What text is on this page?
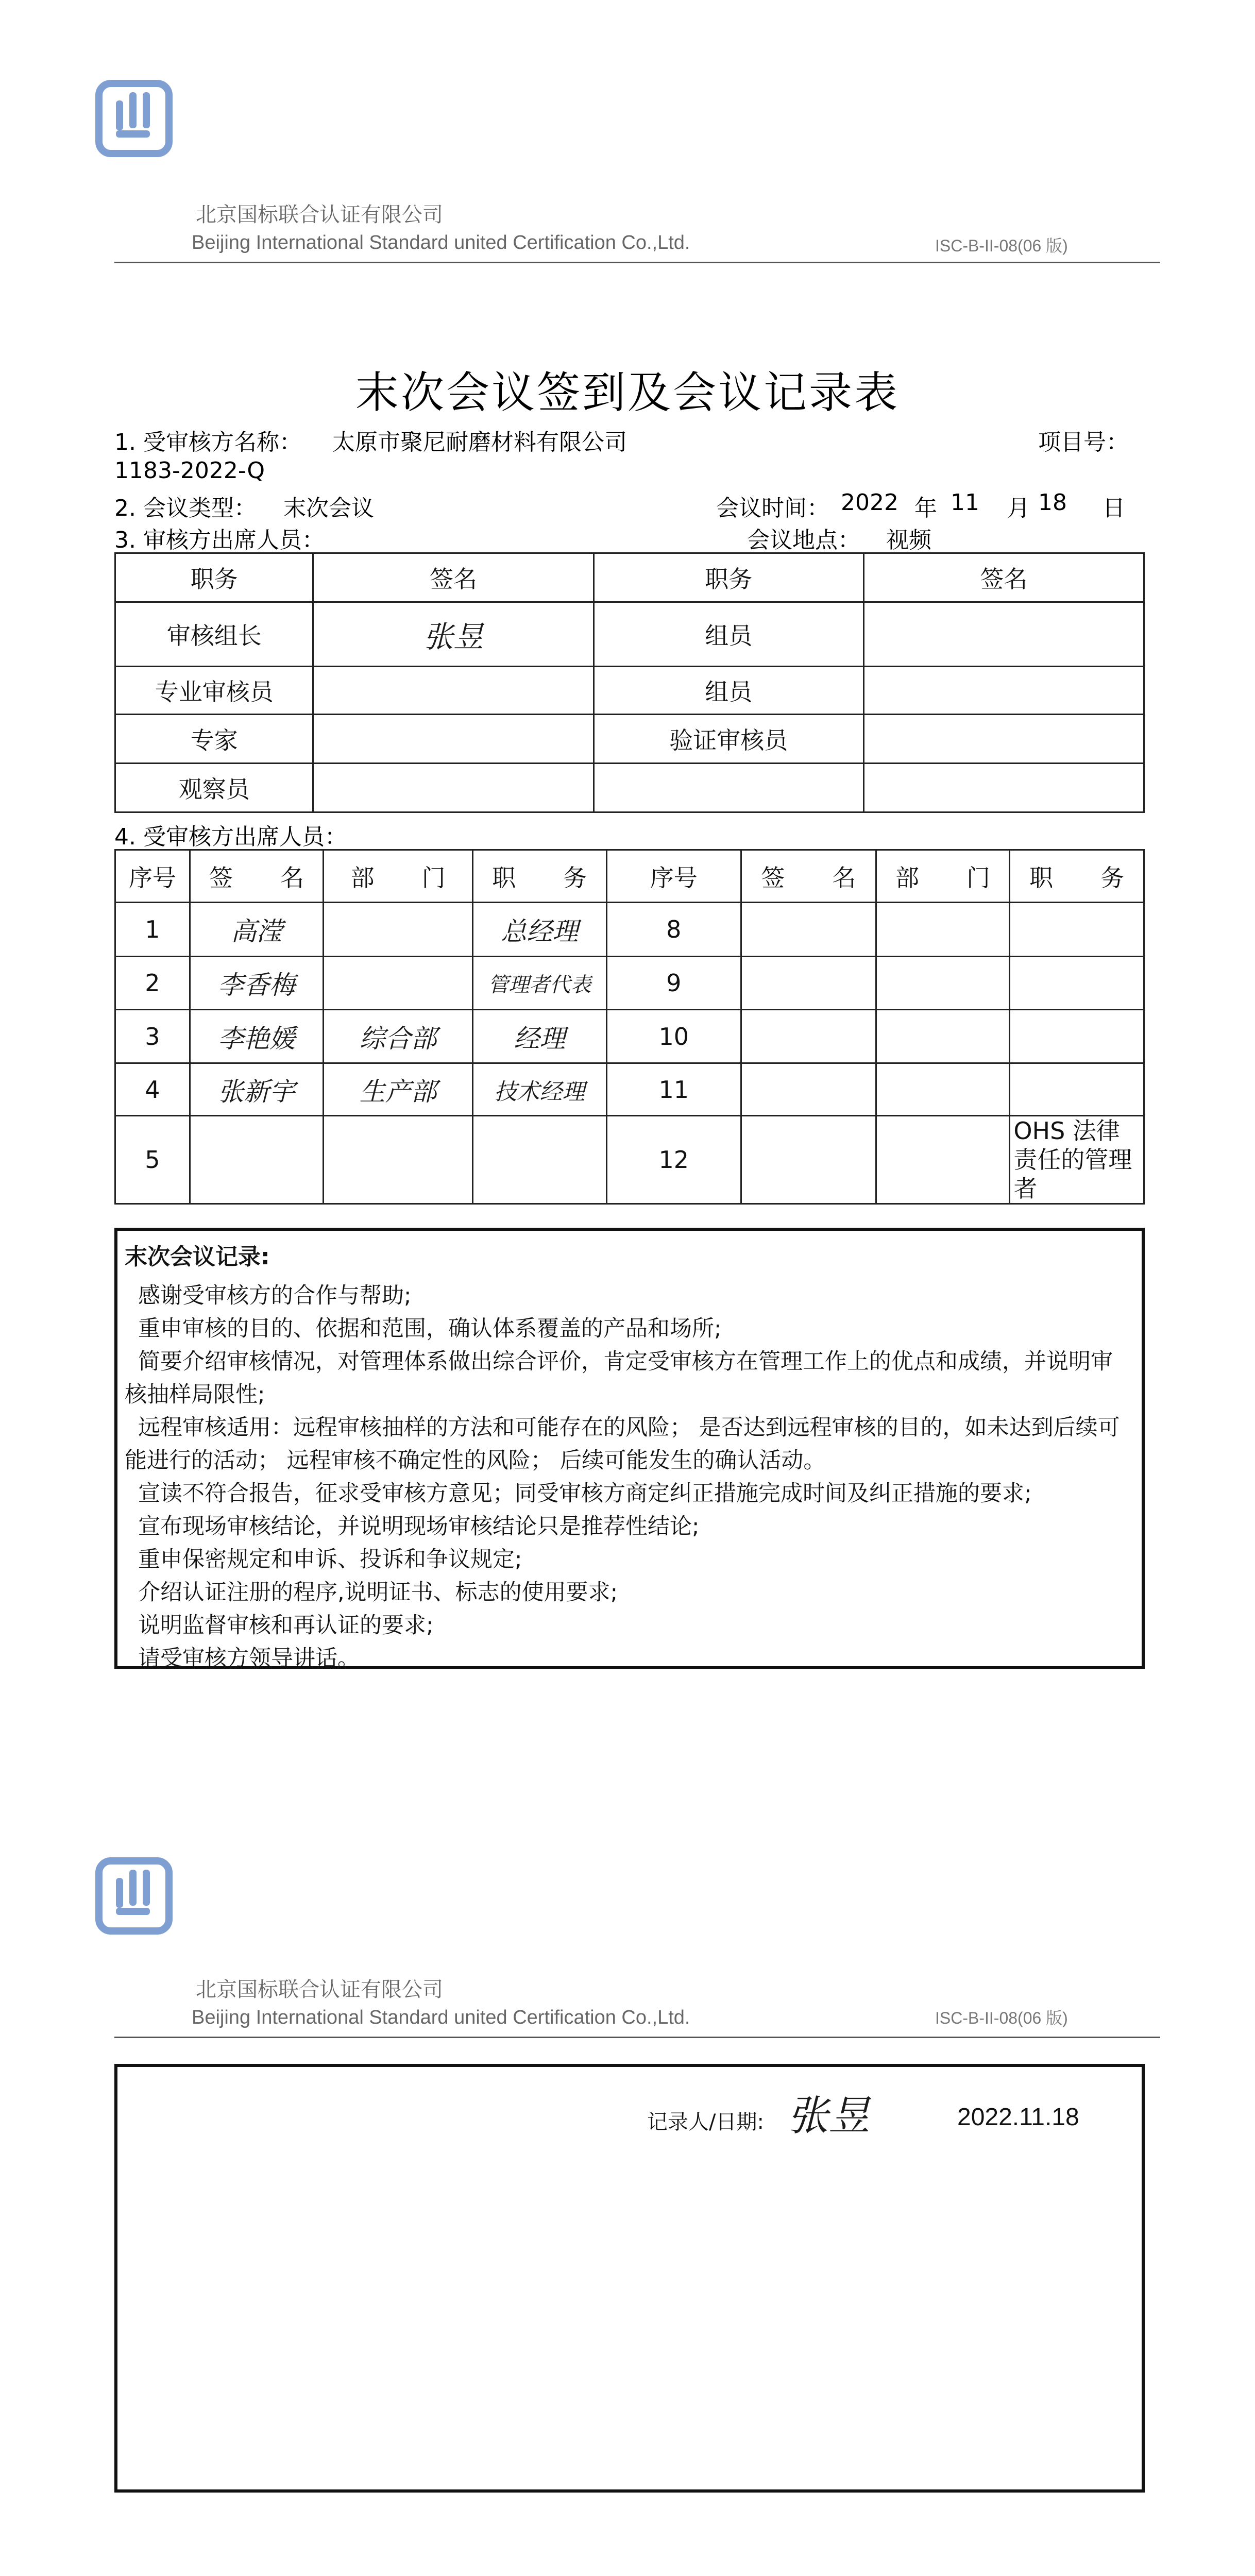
北京国标联合认证有限公司
Beijing International Standard united Certification Co.,Ltd.	ISC-B-II-08(06 版)
末次会议签到及会议记录表
1. 受审核方名称： 太原市聚尼耐磨材料有限公司	项目号：
1183-2022-Q
2. 会议类型： 末次会议	会议时间： 2022 年 11 月 18 日
3. 审核方出席人员：	会议地点： 视频
职务	签名	职务	签名
审核组长	张昱	组员	
专业审核员		组员	
专家		验证审核员	
观察员			
4. 受审核方出席人员：
序号	签　　名	部　　门	职　　务	序号	签　　名	部　　门	职　　务
1	高滢		总经理	8			
2	李香梅		管理者代表	9			
3	李艳媛	综合部	经理	10			
4	张新宇	生产部	技术经理	11			
5				12			OHS 法律责任的管理者
末次会议记录:
感谢受审核方的合作与帮助;
重申审核的目的、依据和范围，确认体系覆盖的产品和场所;
简要介绍审核情况，对管理体系做出综合评价，肯定受审核方在管理工作上的优点和成绩，并说明审
核抽样局限性;
远程审核适用：远程审核抽样的方法和可能存在的风险； 是否达到远程审核的目的，如未达到后续可
能进行的活动； 远程审核不确定性的风险； 后续可能发生的确认活动。
宣读不符合报告，征求受审核方意见；同受审核方商定纠正措施完成时间及纠正措施的要求;
宣布现场审核结论，并说明现场审核结论只是推荐性结论;
重申保密规定和申诉、投诉和争议规定;
介绍认证注册的程序,说明证书、标志的使用要求;
说明监督审核和再认证的要求;
请受审核方领导讲话。
北京国标联合认证有限公司
Beijing International Standard united Certification Co.,Ltd.	ISC-B-II-08(06 版)
记录人/日期: 张昱	2022.11.18
